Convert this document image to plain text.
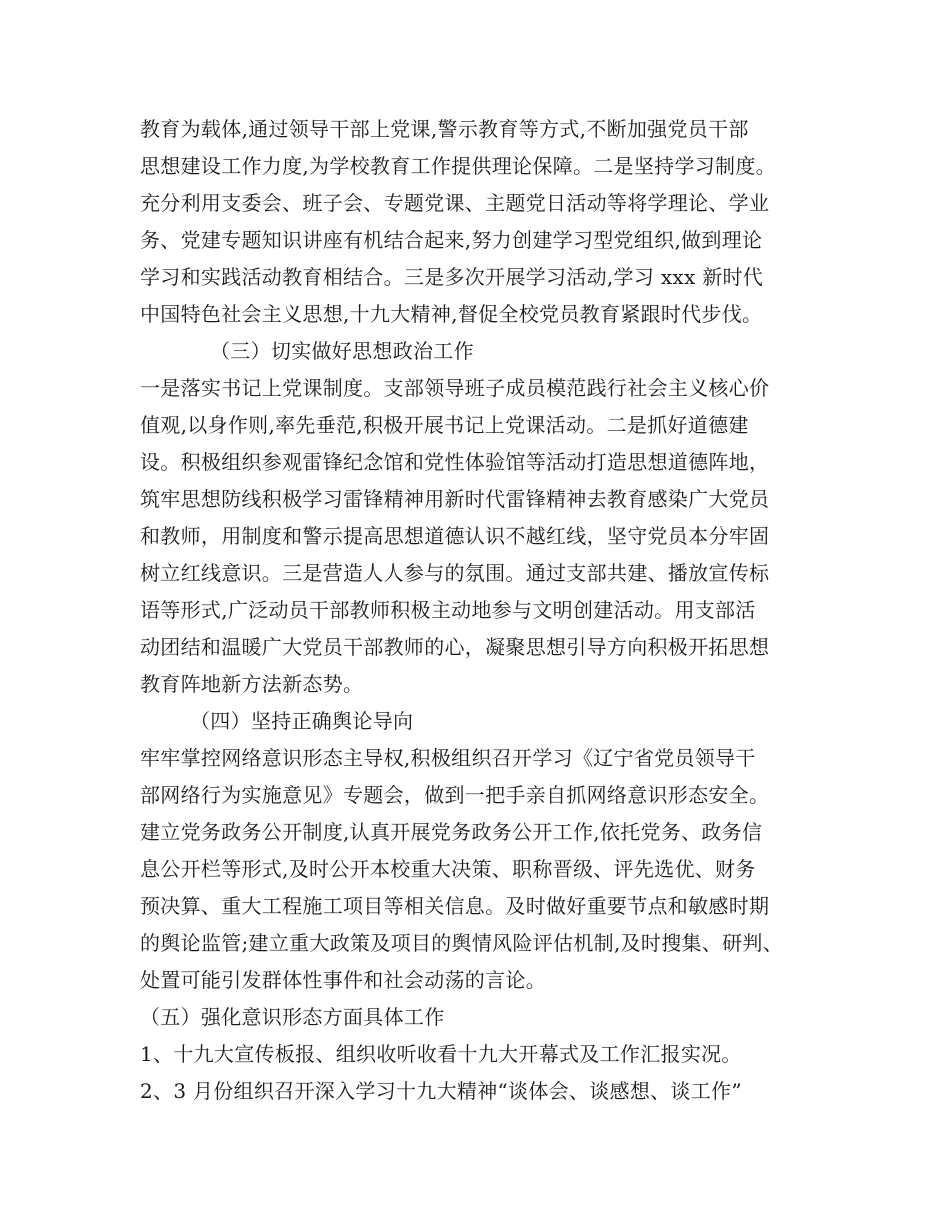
教育为载体,通过领导干部上党课,警示教育等方式,不断加强党员干部

思想建设工作力度,为学校教育工作提供理论保障。二是坚持学习制度。

充分利用支委会、班子会、专题党课、主题党日活动等将学理论、学业

务、党建专题知识讲座有机结合起来,努力创建学习型党组织,做到理论

学习和实践活动教育相结合。三是多次开展学习活动,学习 xxx 新时代

中国特色社会主义思想,十九大精神,督促全校党员教育紧跟时代步伐。

（三）切实做好思想政治工作

一是落实书记上党课制度。支部领导班子成员模范践行社会主义核心价

值观,以身作则,率先垂范,积极开展书记上党课活动。二是抓好道德建

设。积极组织参观雷锋纪念馆和党性体验馆等活动打造思想道德阵地，

筑牢思想防线积极学习雷锋精神用新时代雷锋精神去教育感染广大党员

和教师，用制度和警示提高思想道德认识不越红线，坚守党员本分牢固

树立红线意识。三是营造人人参与的氛围。通过支部共建、播放宣传标

语等形式,广泛动员干部教师积极主动地参与文明创建活动。用支部活

动团结和温暖广大党员干部教师的心，凝聚思想引导方向积极开拓思想

教育阵地新方法新态势。

（四）坚持正确舆论导向

牢牢掌控网络意识形态主导权,积极组织召开学习《辽宁省党员领导干

部网络行为实施意见》专题会，做到一把手亲自抓网络意识形态安全。

建立党务政务公开制度,认真开展党务政务公开工作,依托党务、政务信

息公开栏等形式,及时公开本校重大决策、职称晋级、评先选优、财务

预决算、重大工程施工项目等相关信息。及时做好重要节点和敏感时期

的舆论监管;建立重大政策及项目的舆情风险评估机制,及时搜集、研判、

处置可能引发群体性事件和社会动荡的言论。

（五）强化意识形态方面具体工作

1、十九大宣传板报、组织收听收看十九大开幕式及工作汇报实况。

2、3 月份组织召开深入学习十九大精神“谈体会、谈感想、谈工作”
